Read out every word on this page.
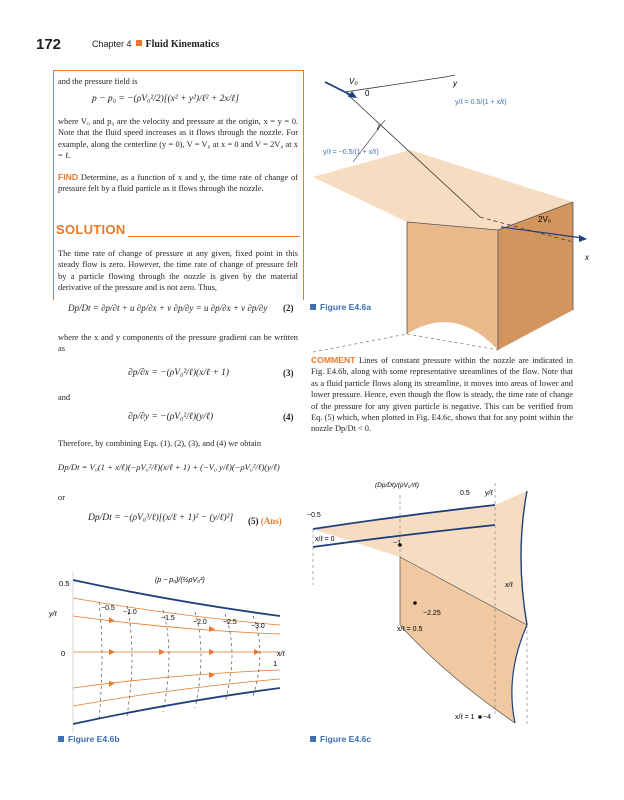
172	Chapter 4 Fluid Kinematics
and the pressure field is
p − p₀ = −(ρV₀²/2)[(x² + y²)/ℓ² + 2x/ℓ]
where V₀ and p₀ are the velocity and pressure at the origin, x = y = 0. Note that the fluid speed increases as it flows through the nozzle. For example, along the centerline (y = 0), V = V₀ at x = 0 and V = 2V₀ at x = ℓ.
FIND Determine, as a function of x and y, the time rate of change of pressure felt by a fluid particle as it flows through the nozzle.
SOLUTION
The time rate of change of pressure at any given, fixed point in this steady flow is zero. However, the time rate of change of pressure felt by a particle flowing through the nozzle is given by the material derivative of the pressure and is not zero. Thus,
Dp/Dt = ∂p/∂t + u ∂p/∂x + v ∂p/∂y = u ∂p/∂x + v ∂p/∂y (2)
where the x and y components of the pressure gradient can be written as
∂p/∂x = −(ρV₀²/ℓ)(x/ℓ + 1)	(3)
and
∂p/∂y = −(ρV₀²/ℓ)(y/ℓ)	(4)
Therefore, by combining Eqs. (1), (2), (3), and (4) we obtain
Dp/Dt = V₀(1 + x/ℓ)(−ρV₀²/ℓ)(x/ℓ + 1) + (−V₀ y/ℓ)(−ρV₀²/ℓ)(y/ℓ)
or
Dp/Dt = −(ρV₀³/ℓ)[(x/ℓ + 1)² − (y/ℓ)²] (5) (Ans)
COMMENT Lines of constant pressure within the nozzle are indicated in Fig. E4.6b, along with some representative streamlines of the flow. Note that as a fluid particle flows along its streamline, it moves into areas of lower and lower pressure. Hence, even though the flow is steady, the time rate of change of the pressure for any given particle is negative. This can be verified from Eq. (5) which, when plotted in Fig. E4.6c, shows that for any point within the nozzle Dp/Dt < 0.
V₀
0
y
x
ℓ
y/ℓ = 0.5/(1 + x/ℓ)
y/ℓ = −0.5/(1 + x/ℓ)
2V₀
Figure E4.6a
0.5
0
y/ℓ
x/ℓ
1
(p − p₀)/(½ρV₀²)
−0.5
−1.0
−1.5
−2.0 −2.5
−3.0
Figure E4.6b
(Dp/Dt)/(ρV₀³/ℓ)
0.5 y/ℓ
−0.5
x/ℓ = 0
−1
x/ℓ
−2.25
x/ℓ = 0.5
x/ℓ = 1 −4
Figure E4.6c
